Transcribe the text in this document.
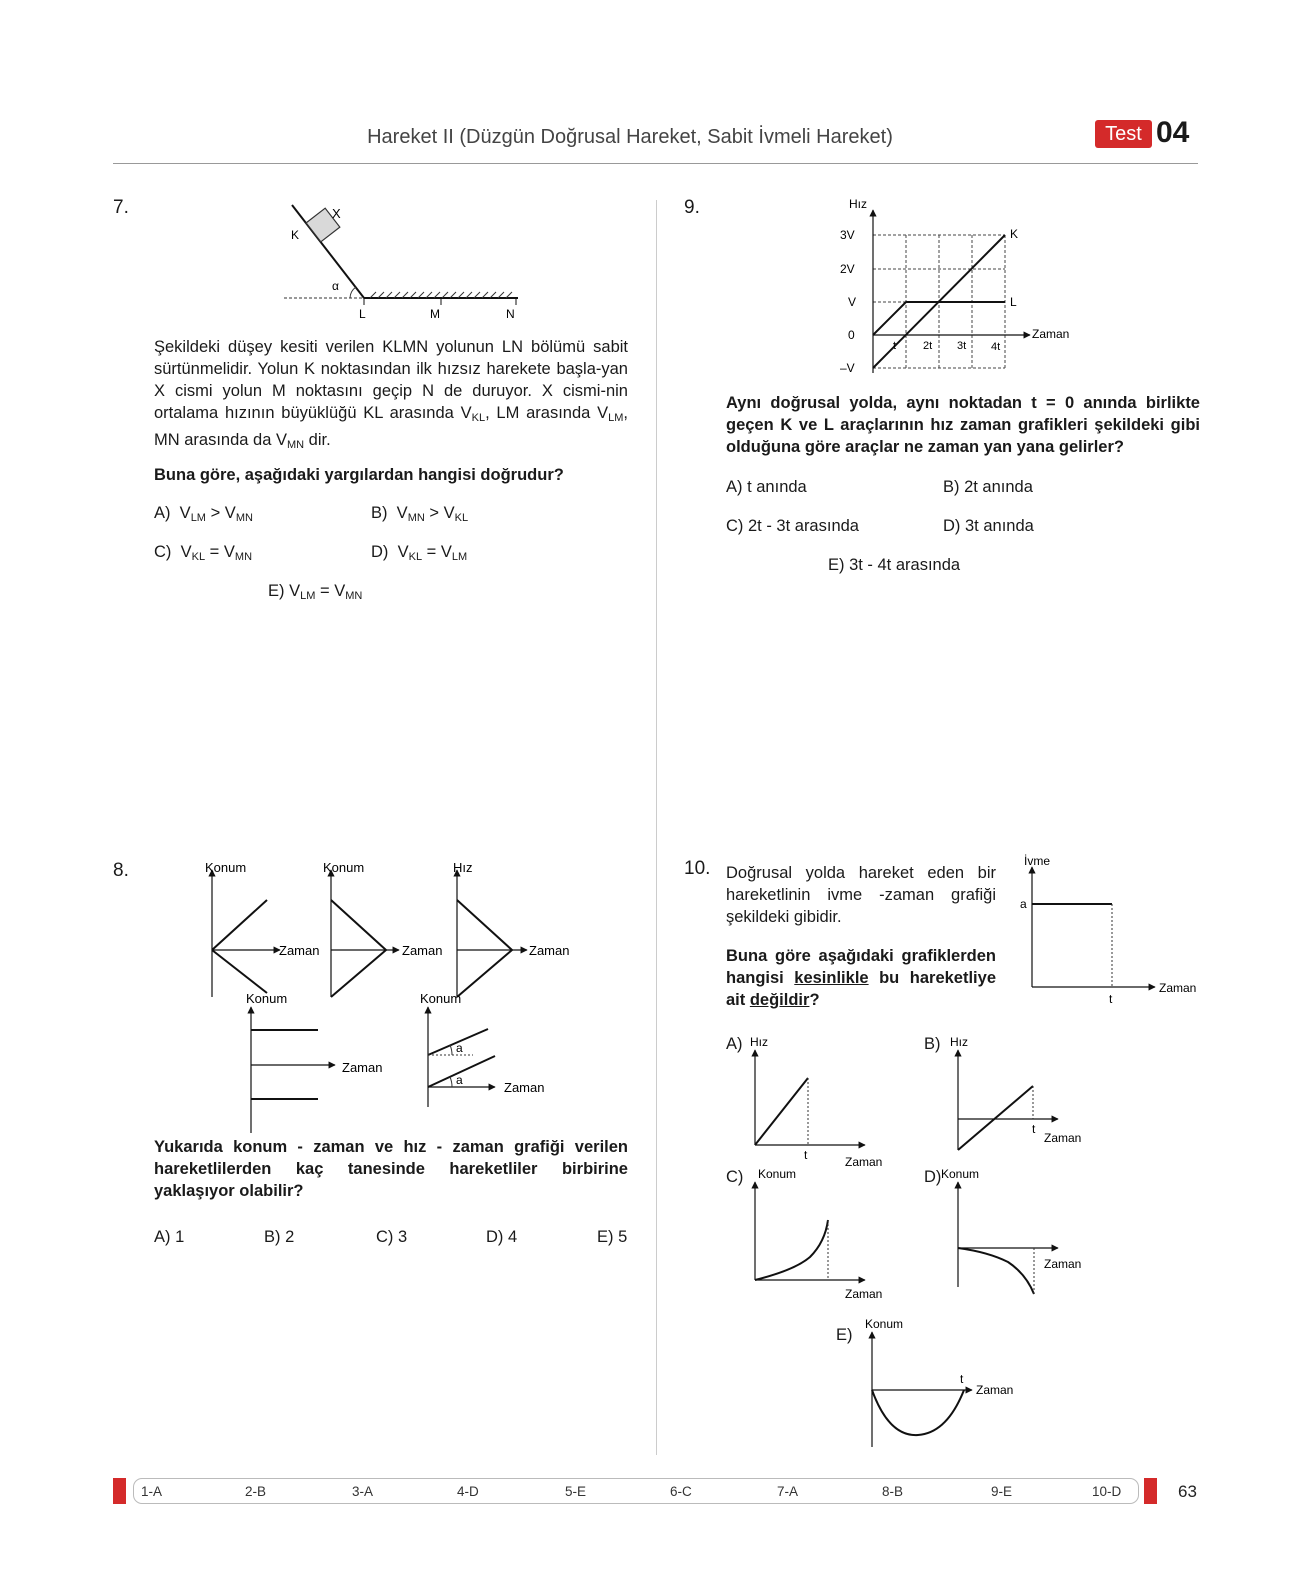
Hareket II (Düzgün Doğrusal Hareket, Sabit İvmeli Hareket)	Test 04
7.	X
K
α
L	M	N
Şekildeki düşey kesiti verilen KLMN yolunun LN bölümü sabit sürtünmelidir. Yolun K noktasından ilk hızsız harekete başla-yan X cismi yolun M noktasını geçip N de duruyor. X cismi-nin ortalama hızının büyüklüğü KL arasında $V_{KL}$, LM arasında $V_{LM}$, MN arasında da $V_{MN}$ dir.
Buna göre, aşağıdaki yargılardan hangisi doğrudur?
A) $V_{LM} > V_{MN}$	B) $V_{MN} > V_{KL}$
C) $V_{KL} = V_{MN}$	D) $V_{KL} = V_{LM}$
E) $V_{LM} = V_{MN}$
8.	Konum
Zaman
Konum
Zaman
Hız
Zaman
Konum
Zaman
a
a
Konum
Zaman
Yukarıda konum - zaman ve hız - zaman grafiği verilen hareketlilerden kaç tanesinde hareketliler birbirine yaklaşıyor olabilir?
A) 1	B) 2	C) 3	D) 4	E) 5
9.	Hız
3V
2V
V
0
–V
t 2t 3t 4t
Zaman
K
L
Aynı doğrusal yolda, aynı noktadan t = 0 anında birlikte geçen K ve L araçlarının hız zaman grafikleri şekildeki gibi olduğuna göre araçlar ne zaman yan yana gelirler?
A) t anında	B) 2t anında
C) 2t - 3t arasında	D) 3t anında
E) 3t - 4t arasında
10. Doğrusal yolda hareket eden bir hareketlinin ivme -zaman grafiği şekildeki gibidir.
Buna göre aşağıdaki grafiklerden hangisi kesinlikle bu hareketliye ait değildir?
İvme
a
t
Zaman
A) Hız
t	Zaman
B) Hız
t
Zaman
C) Konum
Zaman
D) Konum
Zaman
E)
Konum
t
Zaman
1-A	2-B	3-A	4-D	5-E	6-C	7-A	8-B	9-E	10-D	63
